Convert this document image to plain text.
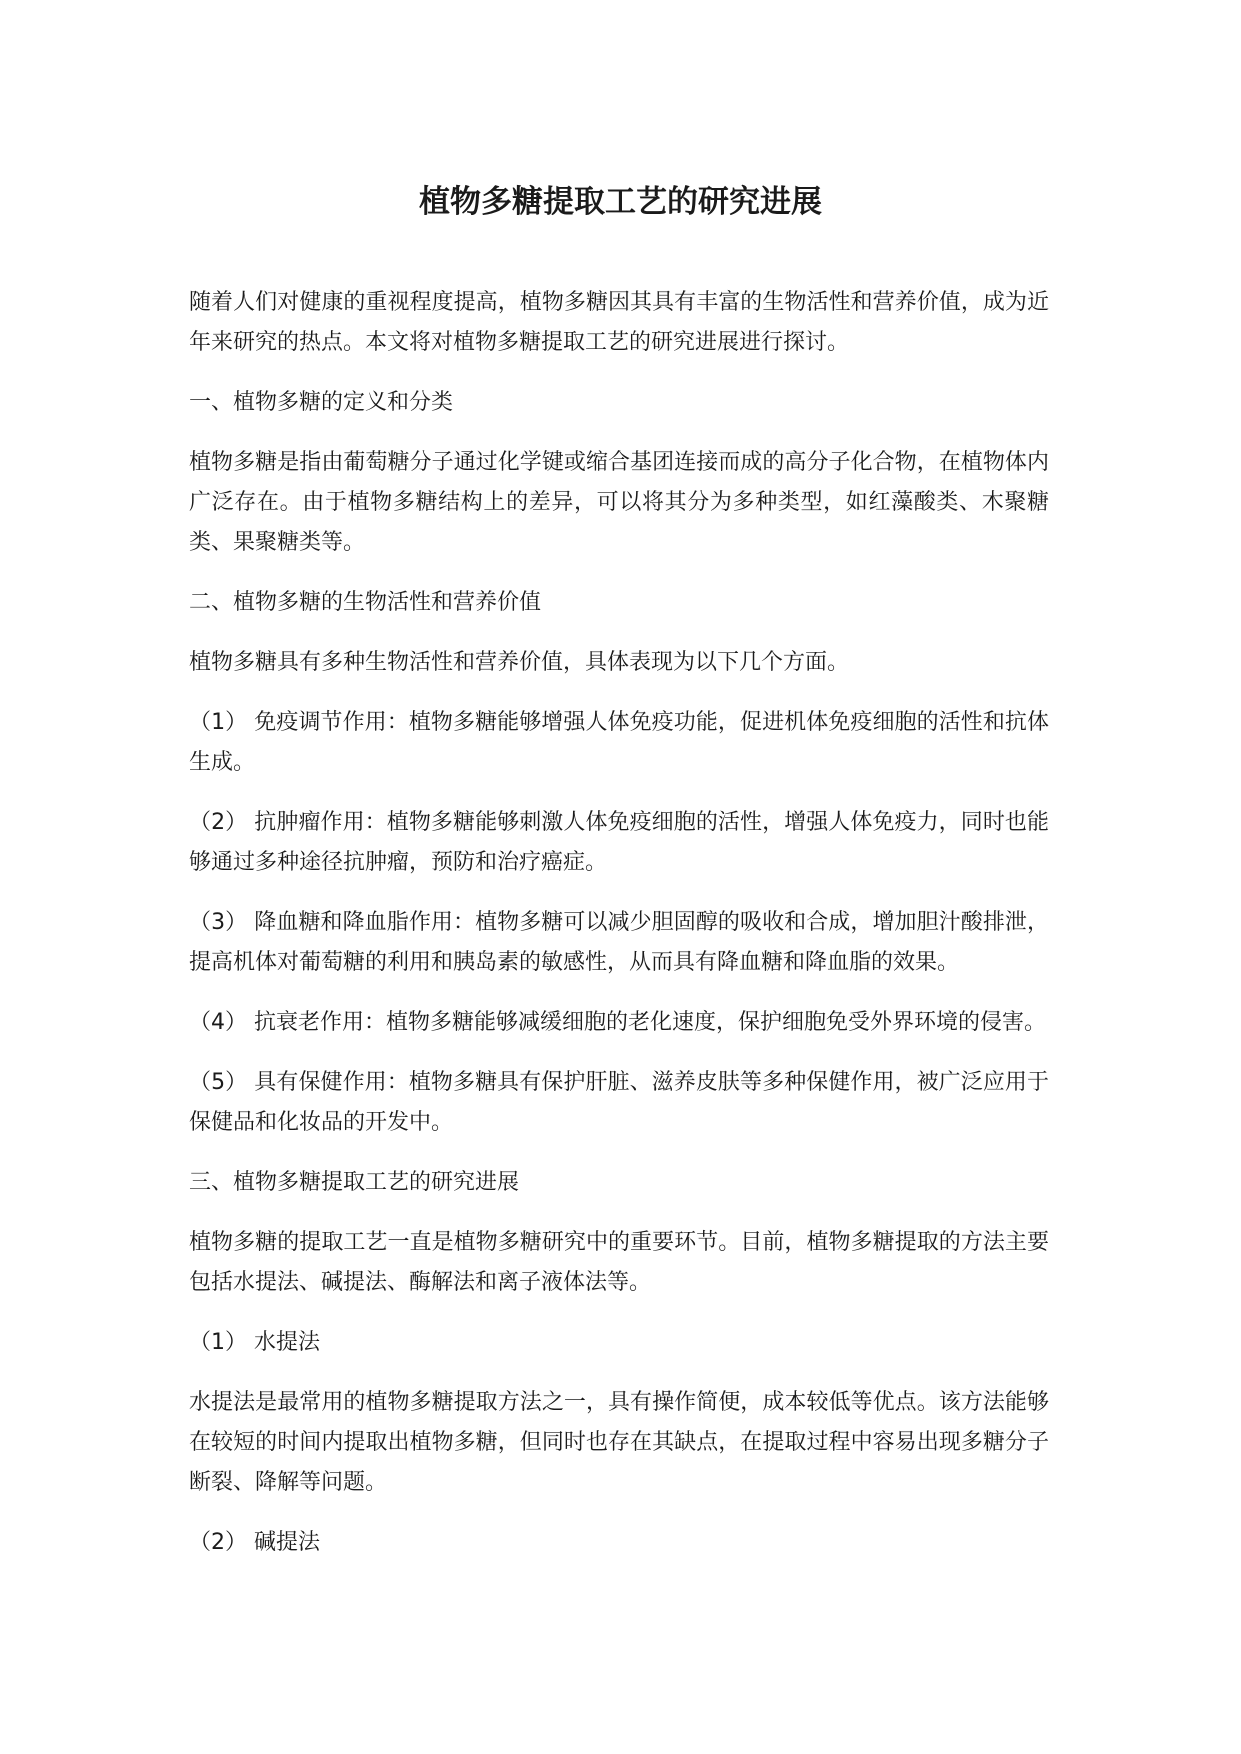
植物多糖提取工艺的研究进展

随着人们对健康的重视程度提高，植物多糖因其具有丰富的生物活性和营养价值，成为近年来研究的热点。本文将对植物多糖提取工艺的研究进展进行探讨。

一、植物多糖的定义和分类

植物多糖是指由葡萄糖分子通过化学键或缩合基团连接而成的高分子化合物，在植物体内广泛存在。由于植物多糖结构上的差异，可以将其分为多种类型，如红藻酸类、木聚糖类、果聚糖类等。

二、植物多糖的生物活性和营养价值

植物多糖具有多种生物活性和营养价值，具体表现为以下几个方面。

（1） 免疫调节作用：植物多糖能够增强人体免疫功能，促进机体免疫细胞的活性和抗体生成。

（2） 抗肿瘤作用：植物多糖能够刺激人体免疫细胞的活性，增强人体免疫力，同时也能够通过多种途径抗肿瘤，预防和治疗癌症。

（3） 降血糖和降血脂作用：植物多糖可以减少胆固醇的吸收和合成，增加胆汁酸排泄，提高机体对葡萄糖的利用和胰岛素的敏感性，从而具有降血糖和降血脂的效果。

（4） 抗衰老作用：植物多糖能够减缓细胞的老化速度，保护细胞免受外界环境的侵害。

（5） 具有保健作用：植物多糖具有保护肝脏、滋养皮肤等多种保健作用，被广泛应用于保健品和化妆品的开发中。

三、植物多糖提取工艺的研究进展

植物多糖的提取工艺一直是植物多糖研究中的重要环节。目前，植物多糖提取的方法主要包括水提法、碱提法、酶解法和离子液体法等。

（1） 水提法

水提法是最常用的植物多糖提取方法之一，具有操作简便，成本较低等优点。该方法能够在较短的时间内提取出植物多糖，但同时也存在其缺点，在提取过程中容易出现多糖分子断裂、降解等问题。

（2） 碱提法
